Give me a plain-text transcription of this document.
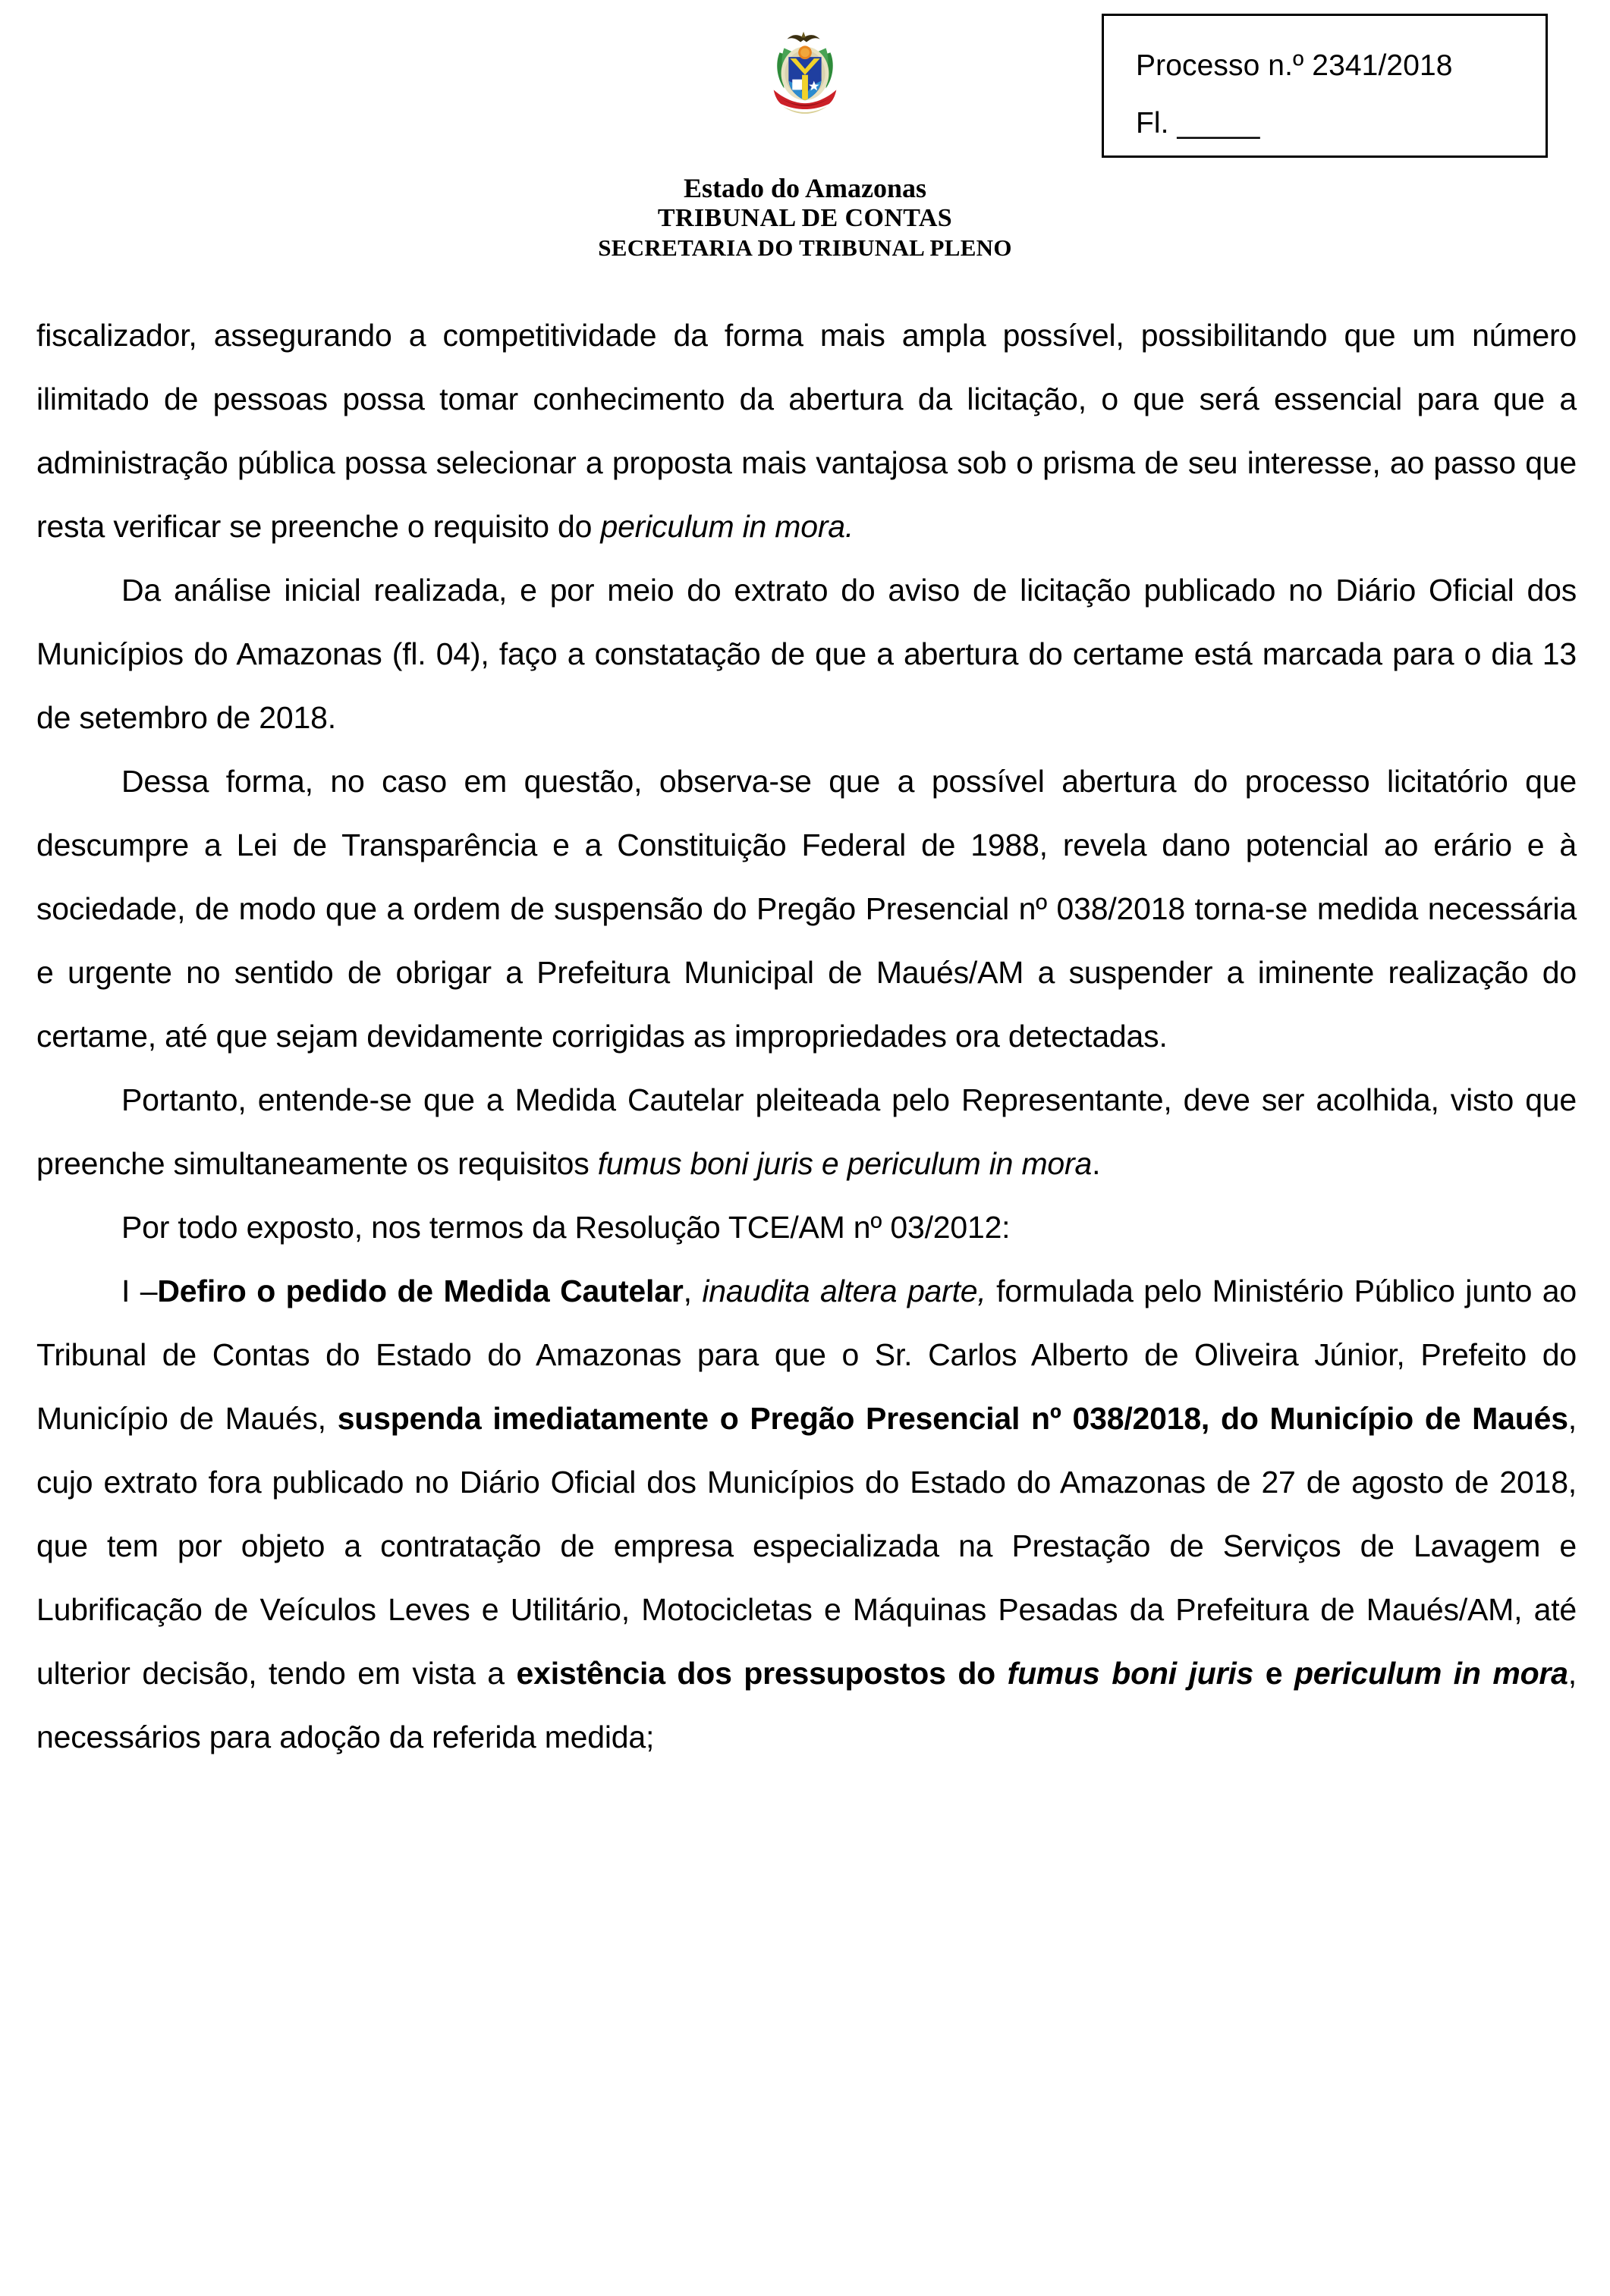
Processo n.º 2341/2018
Fl. _____
Estado do Amazonas
TRIBUNAL DE CONTAS
SECRETARIA DO TRIBUNAL PLENO

fiscalizador, assegurando a competitividade da forma mais ampla possível, possibilitando que um número ilimitado de pessoas possa tomar conhecimento da abertura da licitação, o que será essencial para que a administração pública possa selecionar a proposta mais vantajosa sob o prisma de seu interesse, ao passo que resta verificar se preenche o requisito do periculum in mora.

Da análise inicial realizada, e por meio do extrato do aviso de licitação publicado no Diário Oficial dos Municípios do Amazonas (fl. 04), faço a constatação de que a abertura do certame está marcada para o dia 13 de setembro de 2018.

Dessa forma, no caso em questão, observa-se que a possível abertura do processo licitatório que descumpre a Lei de Transparência e a Constituição Federal de 1988, revela dano potencial ao erário e à sociedade, de modo que a ordem de suspensão do Pregão Presencial nº 038/2018 torna-se medida necessária e urgente no sentido de obrigar a Prefeitura Municipal de Maués/AM a suspender a iminente realização do certame, até que sejam devidamente corrigidas as impropriedades ora detectadas.

Portanto, entende-se que a Medida Cautelar pleiteada pelo Representante, deve ser acolhida, visto que preenche simultaneamente os requisitos fumus boni juris e periculum in mora.

Por todo exposto, nos termos da Resolução TCE/AM nº 03/2012:

I –Defiro o pedido de Medida Cautelar, inaudita altera parte, formulada pelo Ministério Público junto ao Tribunal de Contas do Estado do Amazonas para que o Sr. Carlos Alberto de Oliveira Júnior, Prefeito do Município de Maués, suspenda imediatamente o Pregão Presencial nº 038/2018, do Município de Maués, cujo extrato fora publicado no Diário Oficial dos Municípios do Estado do Amazonas de 27 de agosto de 2018, que tem por objeto a contratação de empresa especializada na Prestação de Serviços de Lavagem e Lubrificação de Veículos Leves e Utilitário, Motocicletas e Máquinas Pesadas da Prefeitura de Maués/AM, até ulterior decisão, tendo em vista a existência dos pressupostos do fumus boni juris e periculum in mora, necessários para adoção da referida medida;
